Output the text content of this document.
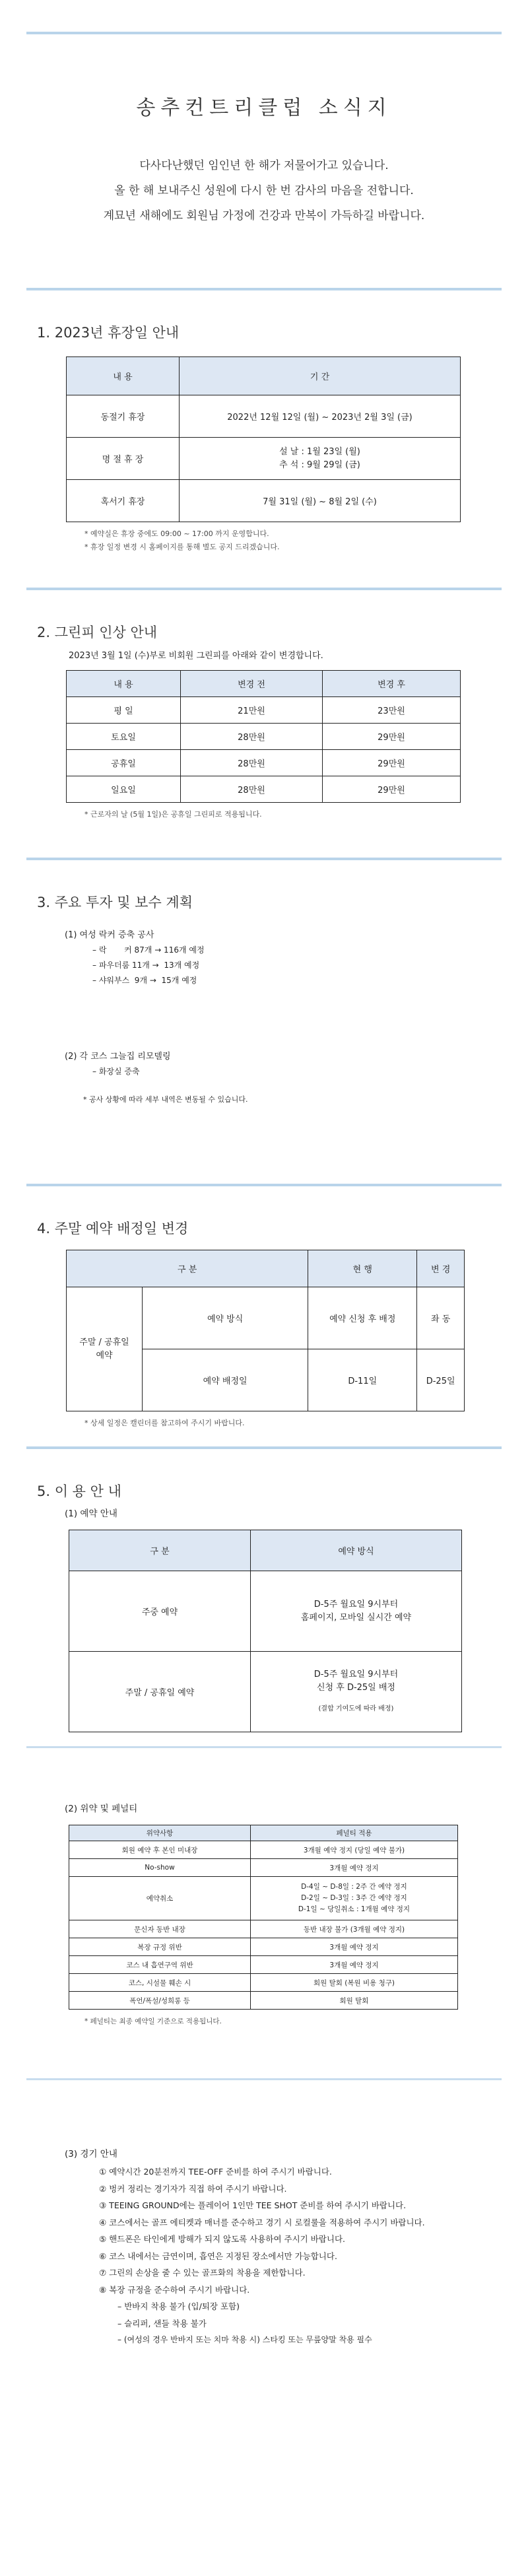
송추컨트리클럽 소식지
다사다난했던 임인년 한 해가 저물어가고 있습니다.
올 한 해 보내주신 성원에 다시 한 번 감사의 마음을 전합니다.
계묘년 새해에도 회원님 가정에 건강과 만복이 가득하길 바랍니다.
1. 2023년 휴장일 안내
내 용	기 간
동절기 휴장	2022년 12월 12일 (월) ~ 2023년 2월 3일 (금)
명 절 휴 장	설 날 : 1월 23일 (월)
추 석 : 9월 29일 (금)

혹서기 휴장	7월 31일 (월) ~ 8월 2일 (수)
* 예약실은 휴장 중에도 09:00 ~ 17:00 까지 운영합니다.
* 휴장 일정 변경 시 홈페이지를 통해 별도 공지 드리겠습니다.
2. 그린피 인상 안내
2023년 3월 1일 (수)부로 비회원 그린피를 아래와 같이 변경합니다.
내 용	변경 전	변경 후
평 일	21만원	23만원
토요일	28만원	29만원
공휴일	28만원	29만원
일요일	28만원	29만원
* 근로자의 날 (5월 1일)은 공휴일 그린피로 적용됩니다.
3. 주요 투자 및 보수 계획
(1) 여성 락커 증축 공사
– 락       커 87개 → 116개 예정
– 파우더룸 11개 →  13개 예정
– 샤워부스  9개 →  15개 예정
(2) 각 코스 그늘집 리모델링
– 화장실 증축
* 공사 상황에 따라 세부 내역은 변동될 수 있습니다.
4. 주말 예약 배정일 변경
구 분		현 행	변 경
주말 / 공휴일
예약	예약 방식	예약 신청 후 배정	좌 동
	예약 배정일	D-11일	D-25일
* 상세 일정은 캘린더를 참고하여 주시기 바랍니다.
5. 이 용 안 내
(1) 예약 안내
구 분	예약 방식
주중 예약	D-5주 월요일 9시부터
홈페이지, 모바일 실시간 예약

주말 / 공휴일 예약	D-5주 월요일 9시부터
신청 후 D-25일 배정
(결합 기여도에 따라 배정)
(2) 위약 및 페널티
위약사항	페널티 적용
회원 예약 후 본인 미내장	3개월 예약 정지 (당일 예약 불가)
No-show	3개월 예약 정지
예약취소	D-4일 ~ D-8일 : 2주 간 예약 정지
D-2일 ~ D-3일 : 3주 간 예약 정지
D-1일 ~ 당일취소 : 1개월 예약 정지

문신자 동반 내장	동반 내장 불가 (3개월 예약 정지)
복장 규정 위반	3개월 예약 정지
코스 내 흡연구역 위반	3개월 예약 정지
코스, 시설물 훼손 시	회원 탈회 (복원 비용 청구)
폭언/폭설/성희롱 등	회원 탈회
* 페널티는 최종 예약일 기준으로 적용됩니다.
(3) 경기 안내
① 예약시간 20분전까지 TEE-OFF 준비를 하여 주시기 바랍니다.
② 벙커 정리는 경기자가 직접 하여 주시기 바랍니다.
③ TEEING GROUND에는 플레이어 1인만 TEE SHOT 준비를 하여 주시기 바랍니다.
④ 코스에서는 골프 에티켓과 매너를 준수하고 경기 시 로컬룰을 적용하여 주시기 바랍니다.
⑤ 핸드폰은 타인에게 방해가 되지 않도록 사용하여 주시기 바랍니다.
⑥ 코스 내에서는 금연이며, 흡연은 지정된 장소에서만 가능합니다.
⑦ 그린의 손상을 줄 수 있는 골프화의 착용을 제한합니다.
⑧ 복장 규정을 준수하여 주시기 바랍니다.
– 반바지 착용 불가 (입/퇴장 포함)
– 슬리퍼, 샌들 착용 불가
– (여성의 경우 반바지 또는 치마 착용 시) 스타킹 또는 무릎양말 착용 필수
